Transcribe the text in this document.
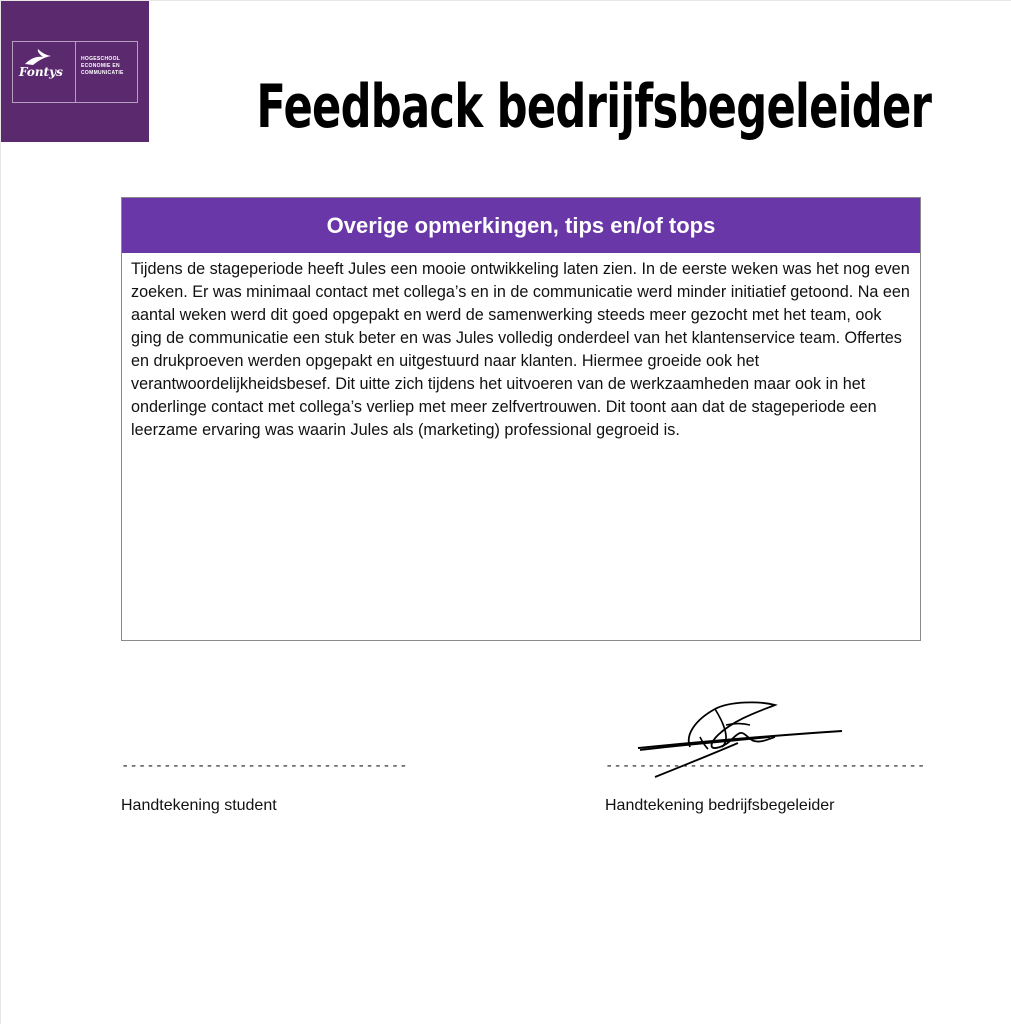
Fontys
HOGESCHOOL
ECONOMIE EN
COMMUNICATIE Feedback bedrijfsbegeleider
Overige opmerkingen, tips en/of tops
Tijdens de stageperiode heeft Jules een mooie ontwikkeling laten zien. In de eerste weken was het nog even zoeken. Er was minimaal contact met collega’s en in de communicatie werd minder initiatief getoond. Na een aantal weken werd dit goed opgepakt en werd de samenwerking steeds meer gezocht met het team, ook ging de communicatie een stuk beter en was Jules volledig onderdeel van het klantenservice team. Offertes en drukproeven werden opgepakt en uitgestuurd naar klanten. Hiermee groeide ook het verantwoordelijkheidsbesef. Dit uitte zich tijdens het uitvoeren van de werkzaamheden maar ook in het onderlinge contact met collega’s verliep met meer zelfvertrouwen. Dit toont aan dat de stageperiode een leerzame ervaring was waarin Jules als (marketing) professional gegroeid is.
----------------------------------	--------------------------------------
Handtekening student	Handtekening bedrijfsbegeleider
